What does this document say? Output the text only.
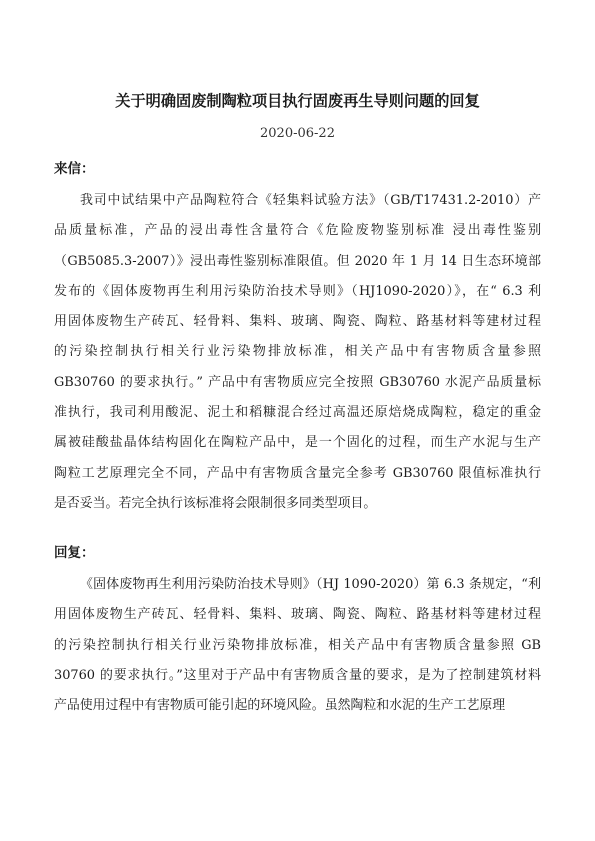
关于明确固废制陶粒项目执行固废再生导则问题的回复
2020-06-22
来信：
我司中试结果中产品陶粒符合《轻集料试验方法》（GB/T17431.2-2010）产
品质量标准，产品的浸出毒性含量符合《危险废物鉴别标准 浸出毒性鉴别
（GB5085.3-2007）》浸出毒性鉴别标准限值。但 2020 年 1 月 14 日生态环境部
发布的《固体废物再生利用污染防治技术导则》（HJ1090-2020）》，在“ 6.3 利
用固体废物生产砖瓦、轻骨料、集料、玻璃、陶瓷、陶粒、路基材料等建材过程
的污染控制执行相关行业污染物排放标准，相关产品中有害物质含量参照
GB30760 的要求执行。” 产品中有害物质应完全按照 GB30760 水泥产品质量标
准执行，我司利用酸泥、泥土和稻糠混合经过高温还原焙烧成陶粒，稳定的重金
属被硅酸盐晶体结构固化在陶粒产品中，是一个固化的过程，而生产水泥与生产
陶粒工艺原理完全不同，产品中有害物质含量完全参考 GB30760 限值标准执行
是否妥当。若完全执行该标准将会限制很多同类型项目。
回复：
《固体废物再生利用污染防治技术导则》（HJ 1090-2020）第 6.3 条规定，“利
用固体废物生产砖瓦、轻骨料、集料、玻璃、陶瓷、陶粒、路基材料等建材过程
的污染控制执行相关行业污染物排放标准，相关产品中有害物质含量参照 GB
30760 的要求执行。”这里对于产品中有害物质含量的要求，是为了控制建筑材料
产品使用过程中有害物质可能引起的环境风险。虽然陶粒和水泥的生产工艺原理
